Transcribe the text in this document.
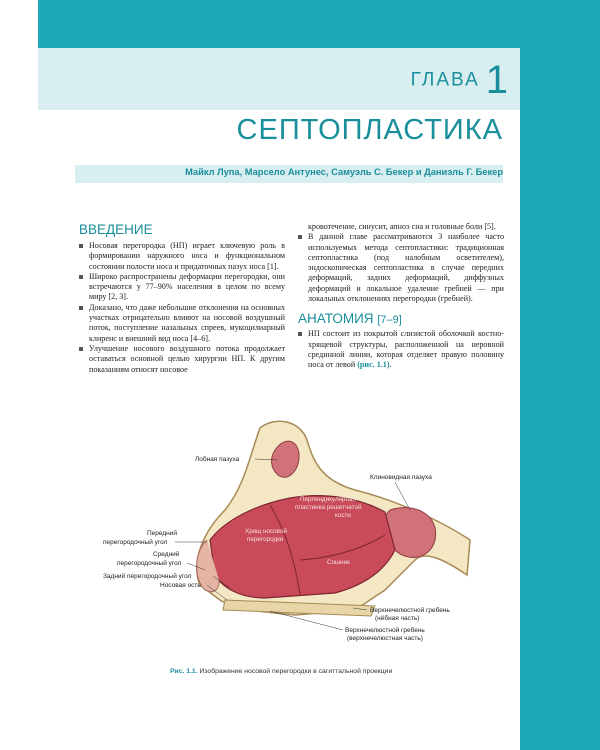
ГЛАВА 1
СЕПТОПЛАСТИКА
Майкл Лупа, Марсело Антунес, Самуэль С. Бекер и Даниэль Г. Бекер
ВВЕДЕНИЕ
Носовая перегородка (НП) играет ключевую роль в формировании наружного носа и функциональном состоянии полости носа и придаточных пазух носа [1].
Широко распространены деформации перегородки, они встречаются у 77–90% населения в целом по всему миру [2, 3].
Доказано, что даже небольшие отклонения на основных участках отрицательно влияют на носовой воздушный поток, поступление назальных спреев, мукоцилиарный клиренс и внешний вид носа [4–6].
Улучшение носового воздушного потока продолжает оставаться основной целью хирургии НП. К другим показаниям относят носовое
кровотечение, синусит, апноэ сна и головные боли [5].
В данной главе рассматриваются 3 наиболее часто используемых метода септопластики: традиционная септопластика (под налобным осветителем), эндоскопическая септопластика в случае передних деформаций, задних деформаций, диффузных деформаций и локальное удаление гребней — при локальных отклонениях перегородки (гребней).
АНАТОМИЯ [7–9]
НП состоит из покрытой слизистой оболочкой костно-хрящевой структуры, расположенной на неровной срединной линии, которая отделяет правую половину носа от левой (рис. 1.1).
Лобная пазуха
Клиновидная пазуха
Перпендикулярная
пластинка решетчатой
кости
Хрящ носовой
перегородки
Сошник
Передний
перегородочный угол
Средний
перегородочный угол
Задний перегородочный угол
Носовая ость
Верхнечелюстной гребень
(нёбная часть)
Верхнечелюстной гребень
(верхнечелюстная часть)
Рис. 1.1. Изображение носовой перегородки в сагиттальной проекции
